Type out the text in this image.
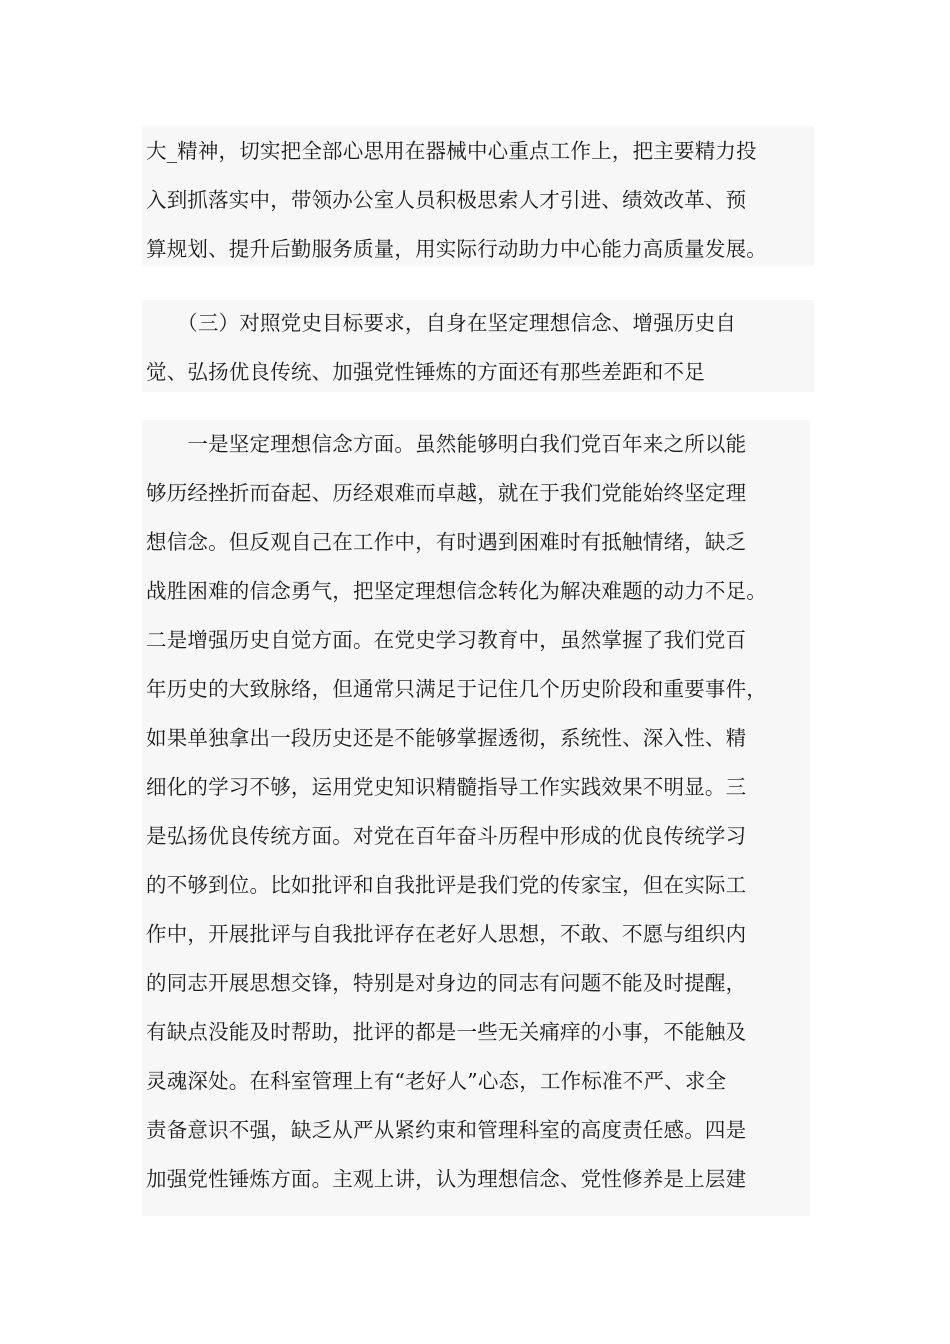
大_精神，切实把全部心思用在器械中心重点工作上，把主要精力投
入到抓落实中，带领办公室人员积极思索人才引进、绩效改革、预
算规划、提升后勤服务质量，用实际行动助力中心能力高质量发展。
　　（三）对照党史目标要求，自身在坚定理想信念、增强历史自
觉、弘扬优良传统、加强党性锤炼的方面还有那些差距和不足
　　一是坚定理想信念方面。虽然能够明白我们党百年来之所以能
够历经挫折而奋起、历经艰难而卓越，就在于我们党能始终坚定理
想信念。但反观自己在工作中，有时遇到困难时有抵触情绪，缺乏
战胜困难的信念勇气，把坚定理想信念转化为解决难题的动力不足。
二是增强历史自觉方面。在党史学习教育中，虽然掌握了我们党百
年历史的大致脉络，但通常只满足于记住几个历史阶段和重要事件，
如果单独拿出一段历史还是不能够掌握透彻，系统性、深入性、精
细化的学习不够，运用党史知识精髓指导工作实践效果不明显。三
是弘扬优良传统方面。对党在百年奋斗历程中形成的优良传统学习
的不够到位。比如批评和自我批评是我们党的传家宝，但在实际工
作中，开展批评与自我批评存在老好人思想，不敢、不愿与组织内
的同志开展思想交锋，特别是对身边的同志有问题不能及时提醒，
有缺点没能及时帮助，批评的都是一些无关痛痒的小事，不能触及
灵魂深处。在科室管理上有“老好人”心态，工作标准不严、求全
责备意识不强，缺乏从严从紧约束和管理科室的高度责任感。四是
加强党性锤炼方面。主观上讲，认为理想信念、党性修养是上层建
